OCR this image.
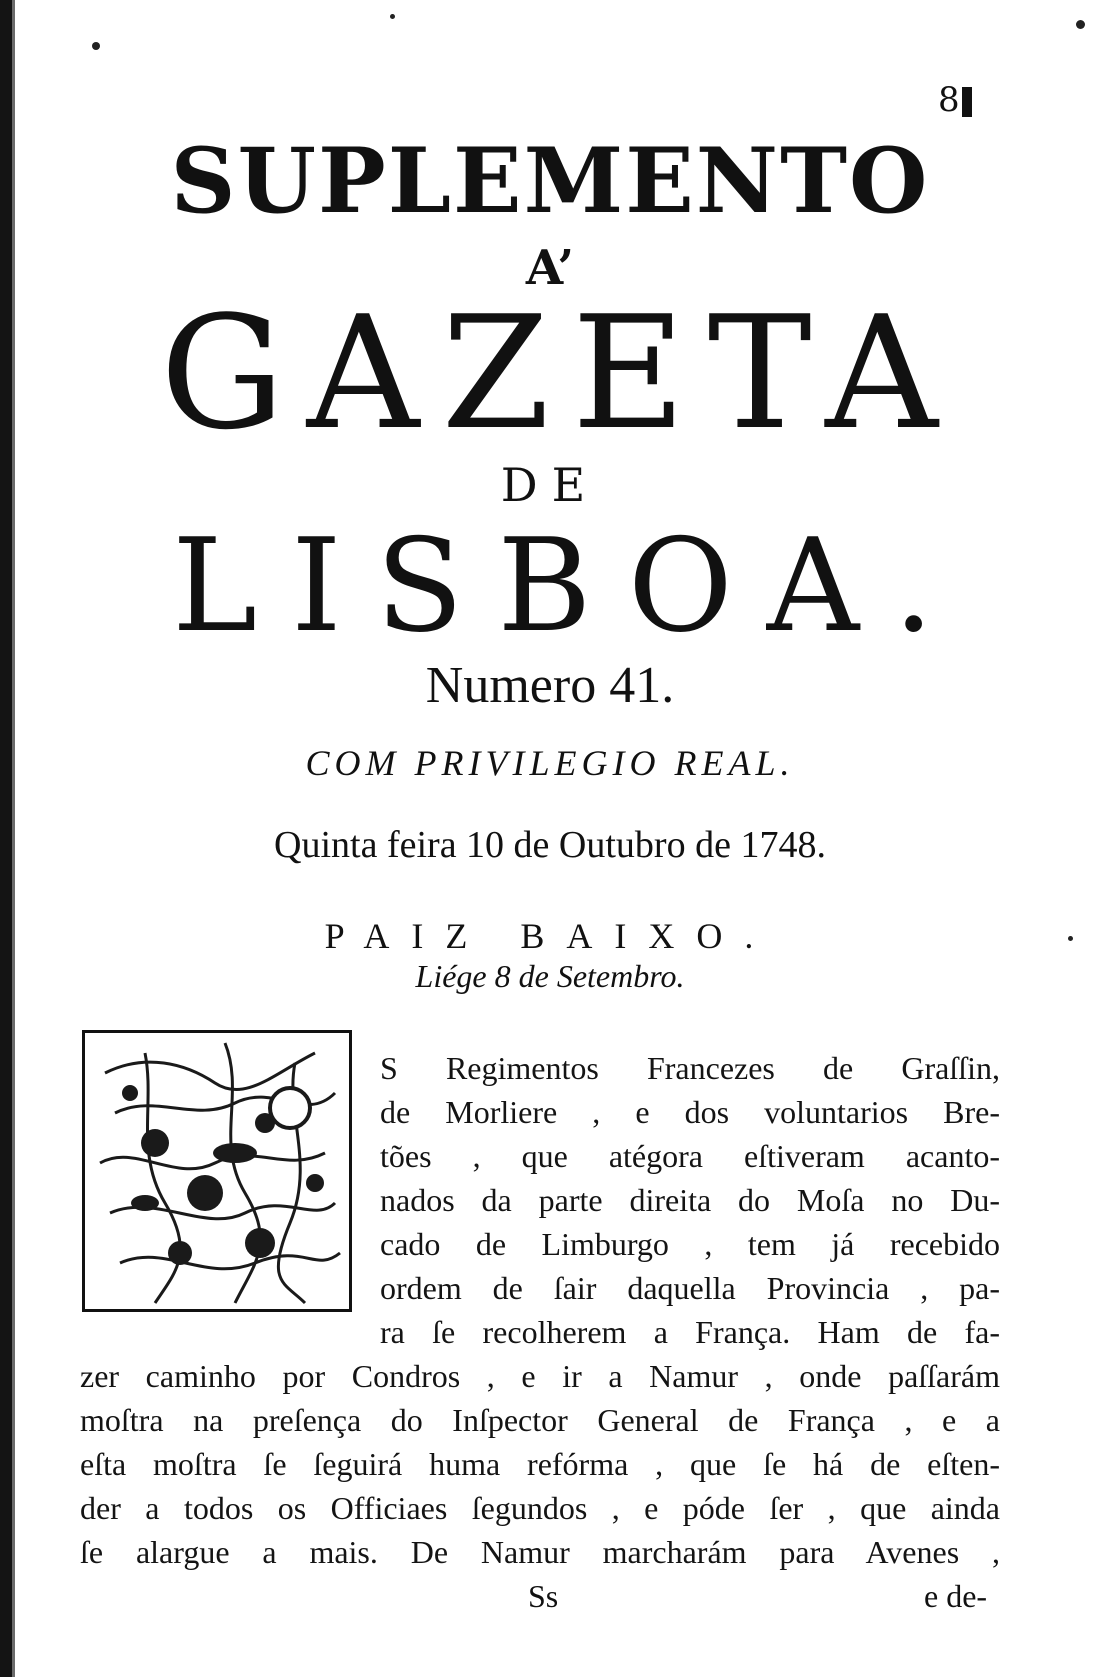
8
SUPLEMENTO
A’
GAZETA
DE
LISBOA.
Numero 41.
COM PRIVILEGIO REAL.
Quinta feira 10 de Outubro de 1748.
PAIZ BAIXO.
Liége 8 de Setembro.
S Regimentos Francezes de Graſſin,
de Morliere , e dos voluntarios Bre-
tões , que atégora eſtiveram acanto-
nados da parte direita do Moſa no Du-
cado de Limburgo , tem já recebido
ordem de ſair daquella Provincia , pa-
ra ſe recolherem a França. Ham de fa-
zer caminho por Condros , e ir a Namur , onde paſſarám
moſtra na preſença do Inſpector General de França , e a
eſta moſtra ſe ſeguirá huma refórma , que ſe há de eſten-
der a todos os Officiaes ſegundos , e póde ſer , que ainda
ſe alargue a mais. De Namur marcharám para Avenes ,
Ss	e de-
